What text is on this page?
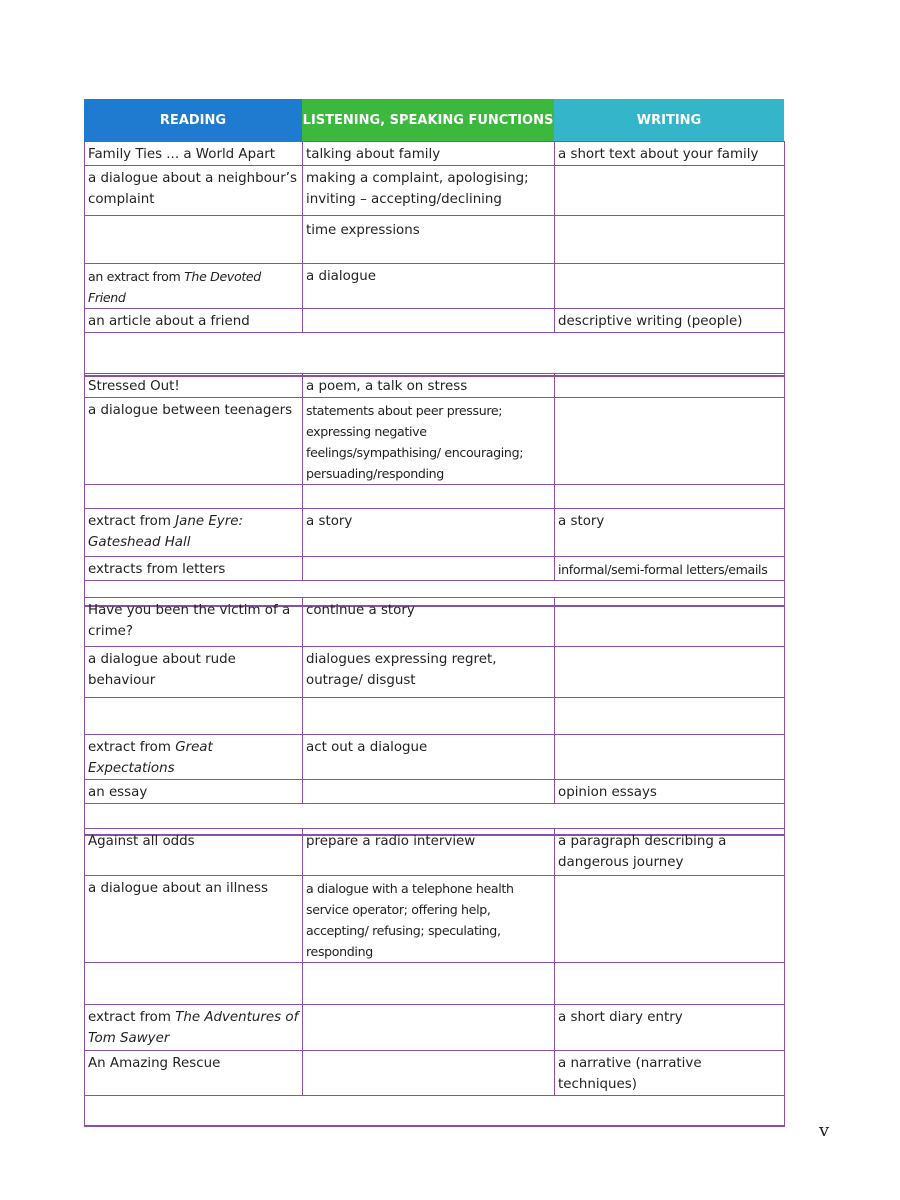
READING	LISTENING, SPEAKING FUNCTIONS	WRITING
Family Ties ... a World Apart	talking about family	a short text about your family
a dialogue about a neighbour’s complaint	making a complaint, apologising; inviting – accepting/declining	
	time expressions	
an extract from The Devoted Friend	a dialogue	
an article about a friend		descriptive writing (people)

Stressed Out!	a poem, a talk on stress	
a dialogue between teenagers	statements about peer pressure; expressing negative feelings/sympathising/ encouraging; persuading/responding	

extract from Jane Eyre: Gateshead Hall	a story	a story
extracts from letters		informal/semi-formal letters/emails

Have you been the victim of a crime?	continue a story	
a dialogue about rude behaviour	dialogues expressing regret, outrage/ disgust	

extract from Great Expectations	act out a dialogue	
an essay		opinion essays

Against all odds	prepare a radio interview	a paragraph describing a dangerous journey
a dialogue about an illness	a dialogue with a telephone health service operator; offering help, accepting/ refusing; speculating, responding	

extract from The Adventures of Tom Sawyer		a short diary entry
An Amazing Rescue		a narrative (narrative techniques)

v
